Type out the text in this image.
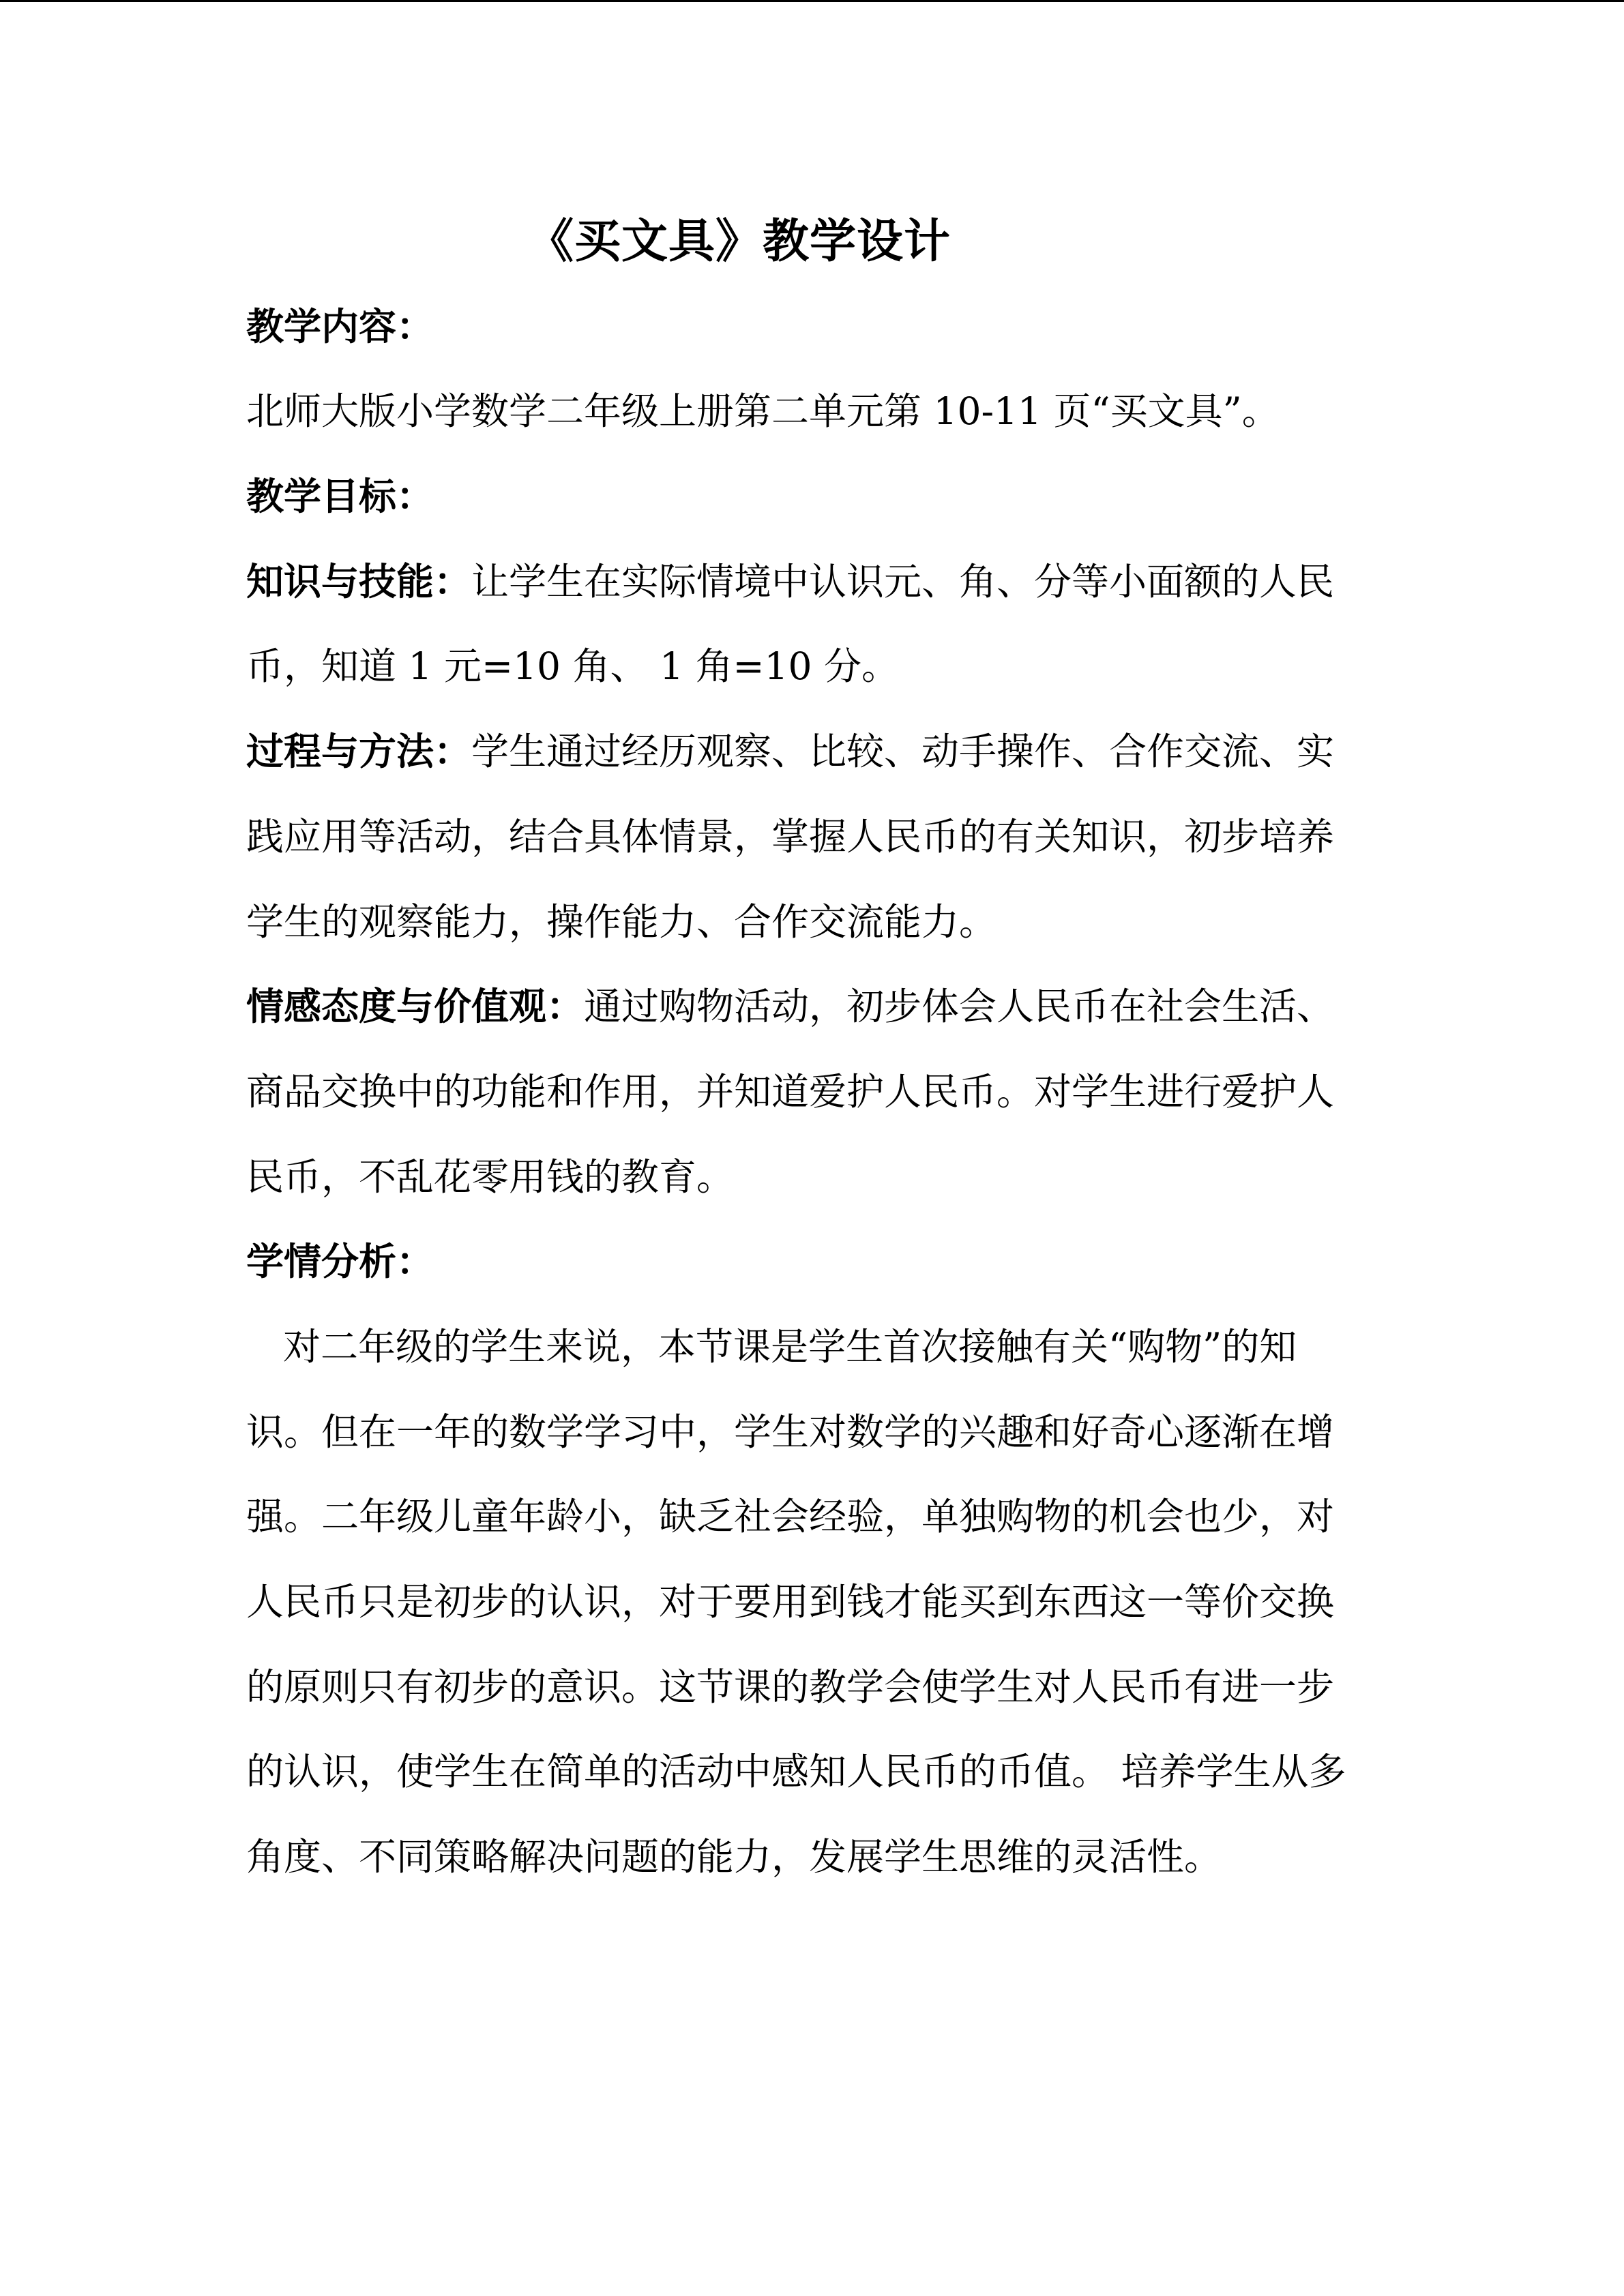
《买文具》教学设计
教学内容：
北师大版小学数学二年级上册第二单元第 10-11 页“买文具”。
教学目标：
知识与技能：让学生在实际情境中认识元、角、分等小面额的人民
币，知道 1 元=10 角、 1 角=10 分。
过程与方法：学生通过经历观察、比较、动手操作、合作交流、实
践应用等活动，结合具体情景，掌握人民币的有关知识，初步培养
学生的观察能力，操作能力、合作交流能力。
情感态度与价值观：通过购物活动，初步体会人民币在社会生活、
商品交换中的功能和作用，并知道爱护人民币。对学生进行爱护人
民币，不乱花零用钱的教育。
学情分析：
对二年级的学生来说，本节课是学生首次接触有关“购物”的知
识。但在一年的数学学习中，学生对数学的兴趣和好奇心逐渐在增
强。二年级儿童年龄小，缺乏社会经验，单独购物的机会也少，对
人民币只是初步的认识，对于要用到钱才能买到东西这一等价交换
的原则只有初步的意识。这节课的教学会使学生对人民币有进一步
的认识，使学生在简单的活动中感知人民币的币值。 培养学生从多
角度、不同策略解决问题的能力，发展学生思维的灵活性。
